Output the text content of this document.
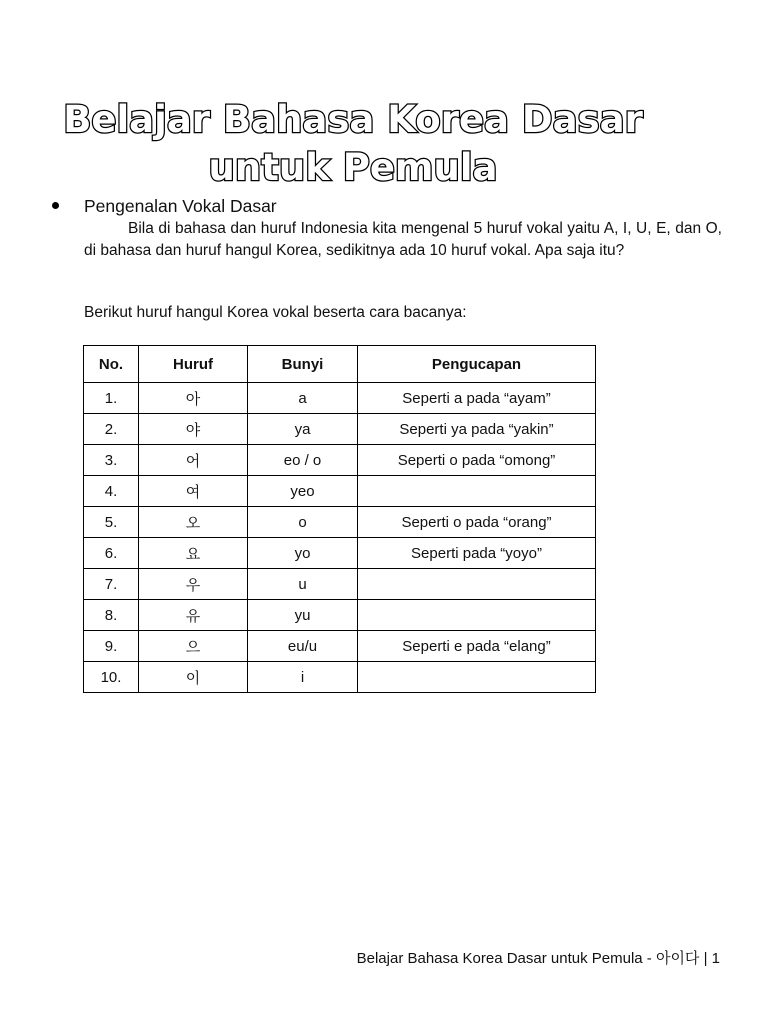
Belajar Bahasa Korea Dasar
untuk Pemula
Pengenalan Vokal Dasar

Bila di bahasa dan huruf Indonesia kita mengenal 5 huruf vokal yaitu A, I, U, E, dan O, di bahasa dan huruf hangul Korea, sedikitnya ada 10 huruf vokal. Apa saja itu?

Berikut huruf hangul Korea vokal beserta cara bacanya:

No.	Huruf	Bunyi	Pengucapan
1.	아	a	Seperti a pada “ayam”
2.	야	ya	Seperti ya pada “yakin”
3.	어	eo / o	Seperti o pada “omong”
4.	여	yeo	
5.	오	o	Seperti o pada “orang”
6.	요	yo	Seperti pada “yoyo”
7.	우	u	
8.	유	yu	
9.	으	eu/u	Seperti e pada “elang”
10.	이	i	
Belajar Bahasa Korea Dasar untuk Pemula - 아이다 | 1
